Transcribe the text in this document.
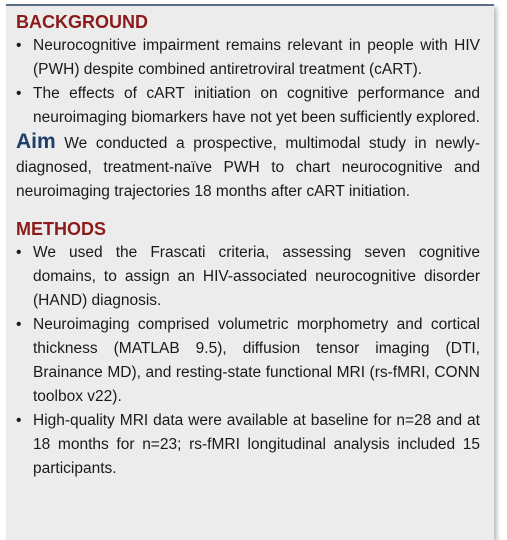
BACKGROUND
• Neurocognitive impairment remains relevant in people with HIV (PWH) despite combined antiretroviral treatment (cART).
• The effects of cART initiation on cognitive performance and neuroimaging biomarkers have not yet been sufficiently explored.

Aim We conducted a prospective, multimodal study in newly-diagnosed, treatment-naïve PWH to chart neurocognitive and neuroimaging trajectories 18 months after cART initiation.

METHODS
• We used the Frascati criteria, assessing seven cognitive domains, to assign an HIV-associated neurocognitive disorder (HAND) diagnosis.
• Neuroimaging comprised volumetric morphometry and cortical thickness (MATLAB 9.5), diffusion tensor imaging (DTI, Brainance MD), and resting-state functional MRI (rs-fMRI, CONN toolbox v22).
• High-quality MRI data were available at baseline for n=28 and at 18 months for n=23; rs-fMRI longitudinal analysis included 15 participants.
